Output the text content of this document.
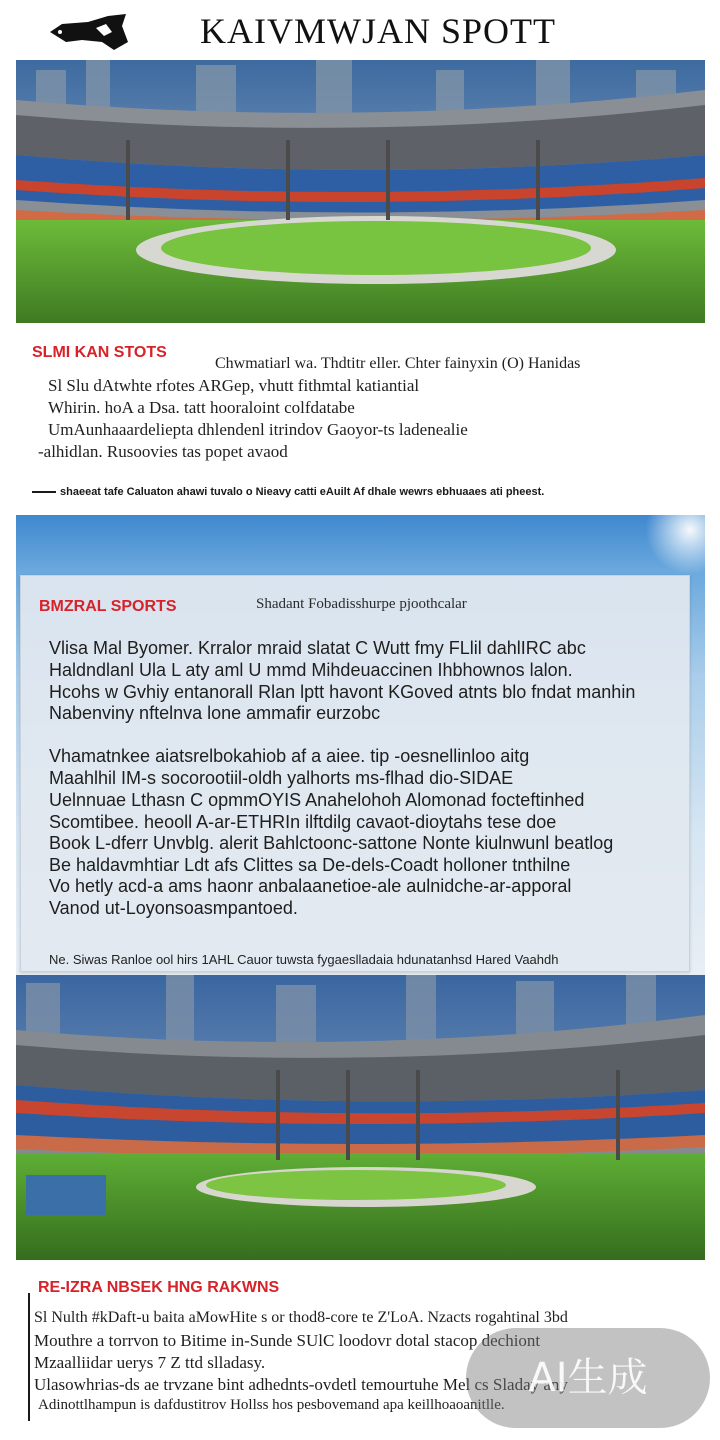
KAIVMWJAN SPOTT
SLMI KAN STOTS
Chwmatiarl wa. Thdtitr eller. Chter fainyxin (O) Hanidas
Sl Slu dAtwhte rfotes ARGep, vhutt fithmtal katiantial
Whirin. hoA a Dsa. tatt hooraloint colfdatabe
UmAunhaaardeliepta dhlendenl itrindov Gaoyor-ts ladenealie
-alhidlan. Rusoovies tas popet avaod
shaeeat tafe Caluaton ahawi tuvalo o Nieavy catti eAuilt Af dhale wewrs ebhuaaes ati pheest.
BMZRAL SPORTS	Shadant Fobadisshurpe pjoothcalar
Vlisa Mal Byomer. Krralor mraid slatat C Wutt fmy FLlil dahlIRC abc
Haldndlanl Ula L aty aml U mmd Mihdeuaccinen Ihbhownos lalon.
Hcohs w Gvhiy entanorall Rlan lptt havont KGoved atnts blo fndat manhin
Nabenviny nftelnva lone ammafir eurzobc
Vhamatnkee aiatsrelbokahiob af a aiee. tip -oesnellinloo aitg
Maahlhil IM-s socorootiil-oldh yalhorts ms-flhad dio-SIDAE
Uelnnuae Lthasn C opmmOYIS Anahelohoh Alomonad focteftinhed
Scomtibee. heooll A-ar-ETHRIn ilftdilg cavaot-dioytahs tese doe
Book L-dferr Unvblg. alerit Bahlctoonc-sattone Nonte kiulnwunl beatlog
Be haldavmhtiar Ldt afs Clittes sa De-dels-Coadt holloner tnthilne
Vo hetly acd-a ams haonr anbalaanetioe-ale aulnidche-ar-apporal
Vanod ut-Loyonsoasmpantoed.
Ne. Siwas Ranloe ool hirs 1AHL Cauor tuwsta fygaeslladaia hdunatanhsd Hared Vaahdh
RE-IZRA NBSEK HNG RAKWNS
Sl Nulth #kDaft-u baita aMowHite s or thod8-core te Z'LoA. Nzacts rogahtinal 3bd
Mouthre a torrvon to Bitime in-Sunde SUlC loodovr dotal stacop dechiont
Mzaalliidar uerys 7 Z ttd slladasy.
Ulasowhrias-ds ae trvzane bint adhednts-ovdetl temourtuhe Mel cs Sladay any
Adinottlhampun is dafdustitrov Hollss hos pesbovemand apa keillhoaoanitlle.
AI生成
